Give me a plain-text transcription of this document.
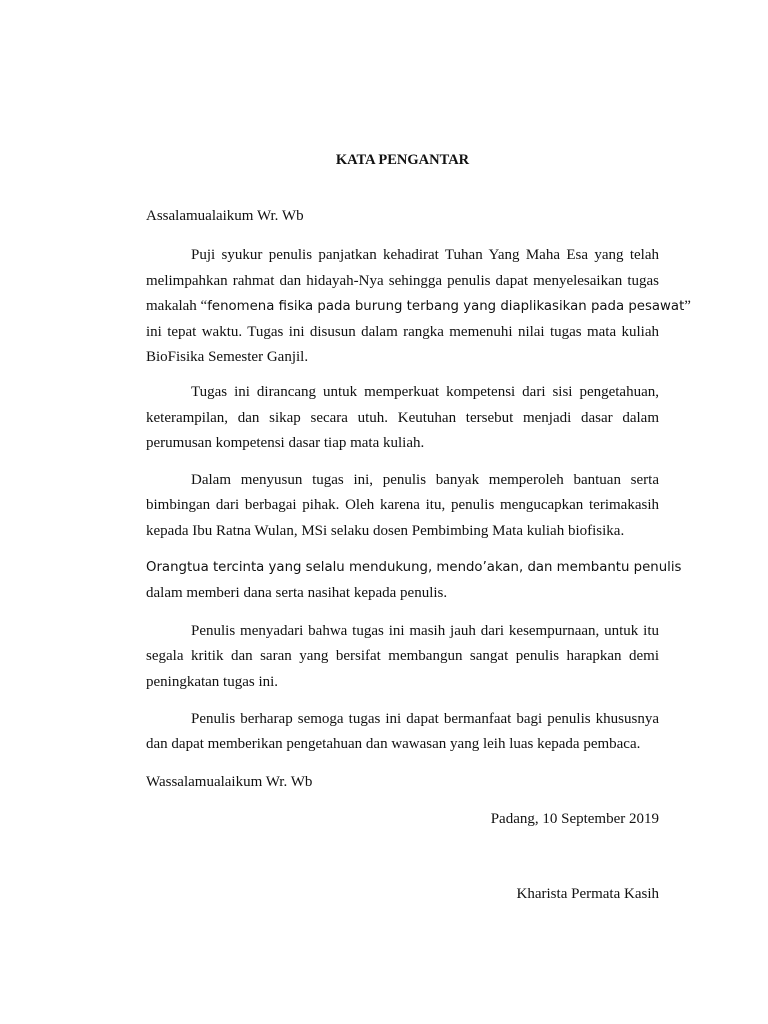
KATA PENGANTAR
Assalamualaikum Wr. Wb
Puji syukur penulis panjatkan kehadirat Tuhan Yang Maha Esa yang telah
melimpahkan rahmat dan hidayah-Nya sehingga penulis dapat menyelesaikan tugas
makalah “fenomena fisika pada burung terbang yang diaplikasikan pada pesawat”
ini tepat waktu. Tugas ini disusun dalam rangka memenuhi nilai tugas mata kuliah
BioFisika Semester Ganjil.
Tugas ini dirancang untuk memperkuat kompetensi dari sisi pengetahuan,
keterampilan, dan sikap secara utuh. Keutuhan tersebut menjadi dasar dalam
perumusan kompetensi dasar tiap mata kuliah.
Dalam menyusun tugas ini, penulis banyak memperoleh bantuan serta
bimbingan dari berbagai pihak. Oleh karena itu, penulis mengucapkan terimakasih
kepada Ibu Ratna Wulan, MSi selaku dosen Pembimbing Mata kuliah biofisika.
Orangtua tercinta yang selalu mendukung, mendo’akan, dan membantu penulis
dalam memberi dana serta nasihat kepada penulis.
Penulis menyadari bahwa tugas ini masih jauh dari kesempurnaan, untuk itu
segala kritik dan saran yang bersifat membangun sangat penulis harapkan demi
peningkatan tugas ini.
Penulis berharap semoga tugas ini dapat bermanfaat bagi penulis khususnya
dan dapat memberikan pengetahuan dan wawasan yang leih luas kepada pembaca.
Wassalamualaikum Wr. Wb
Padang, 10 September 2019
Kharista Permata Kasih
